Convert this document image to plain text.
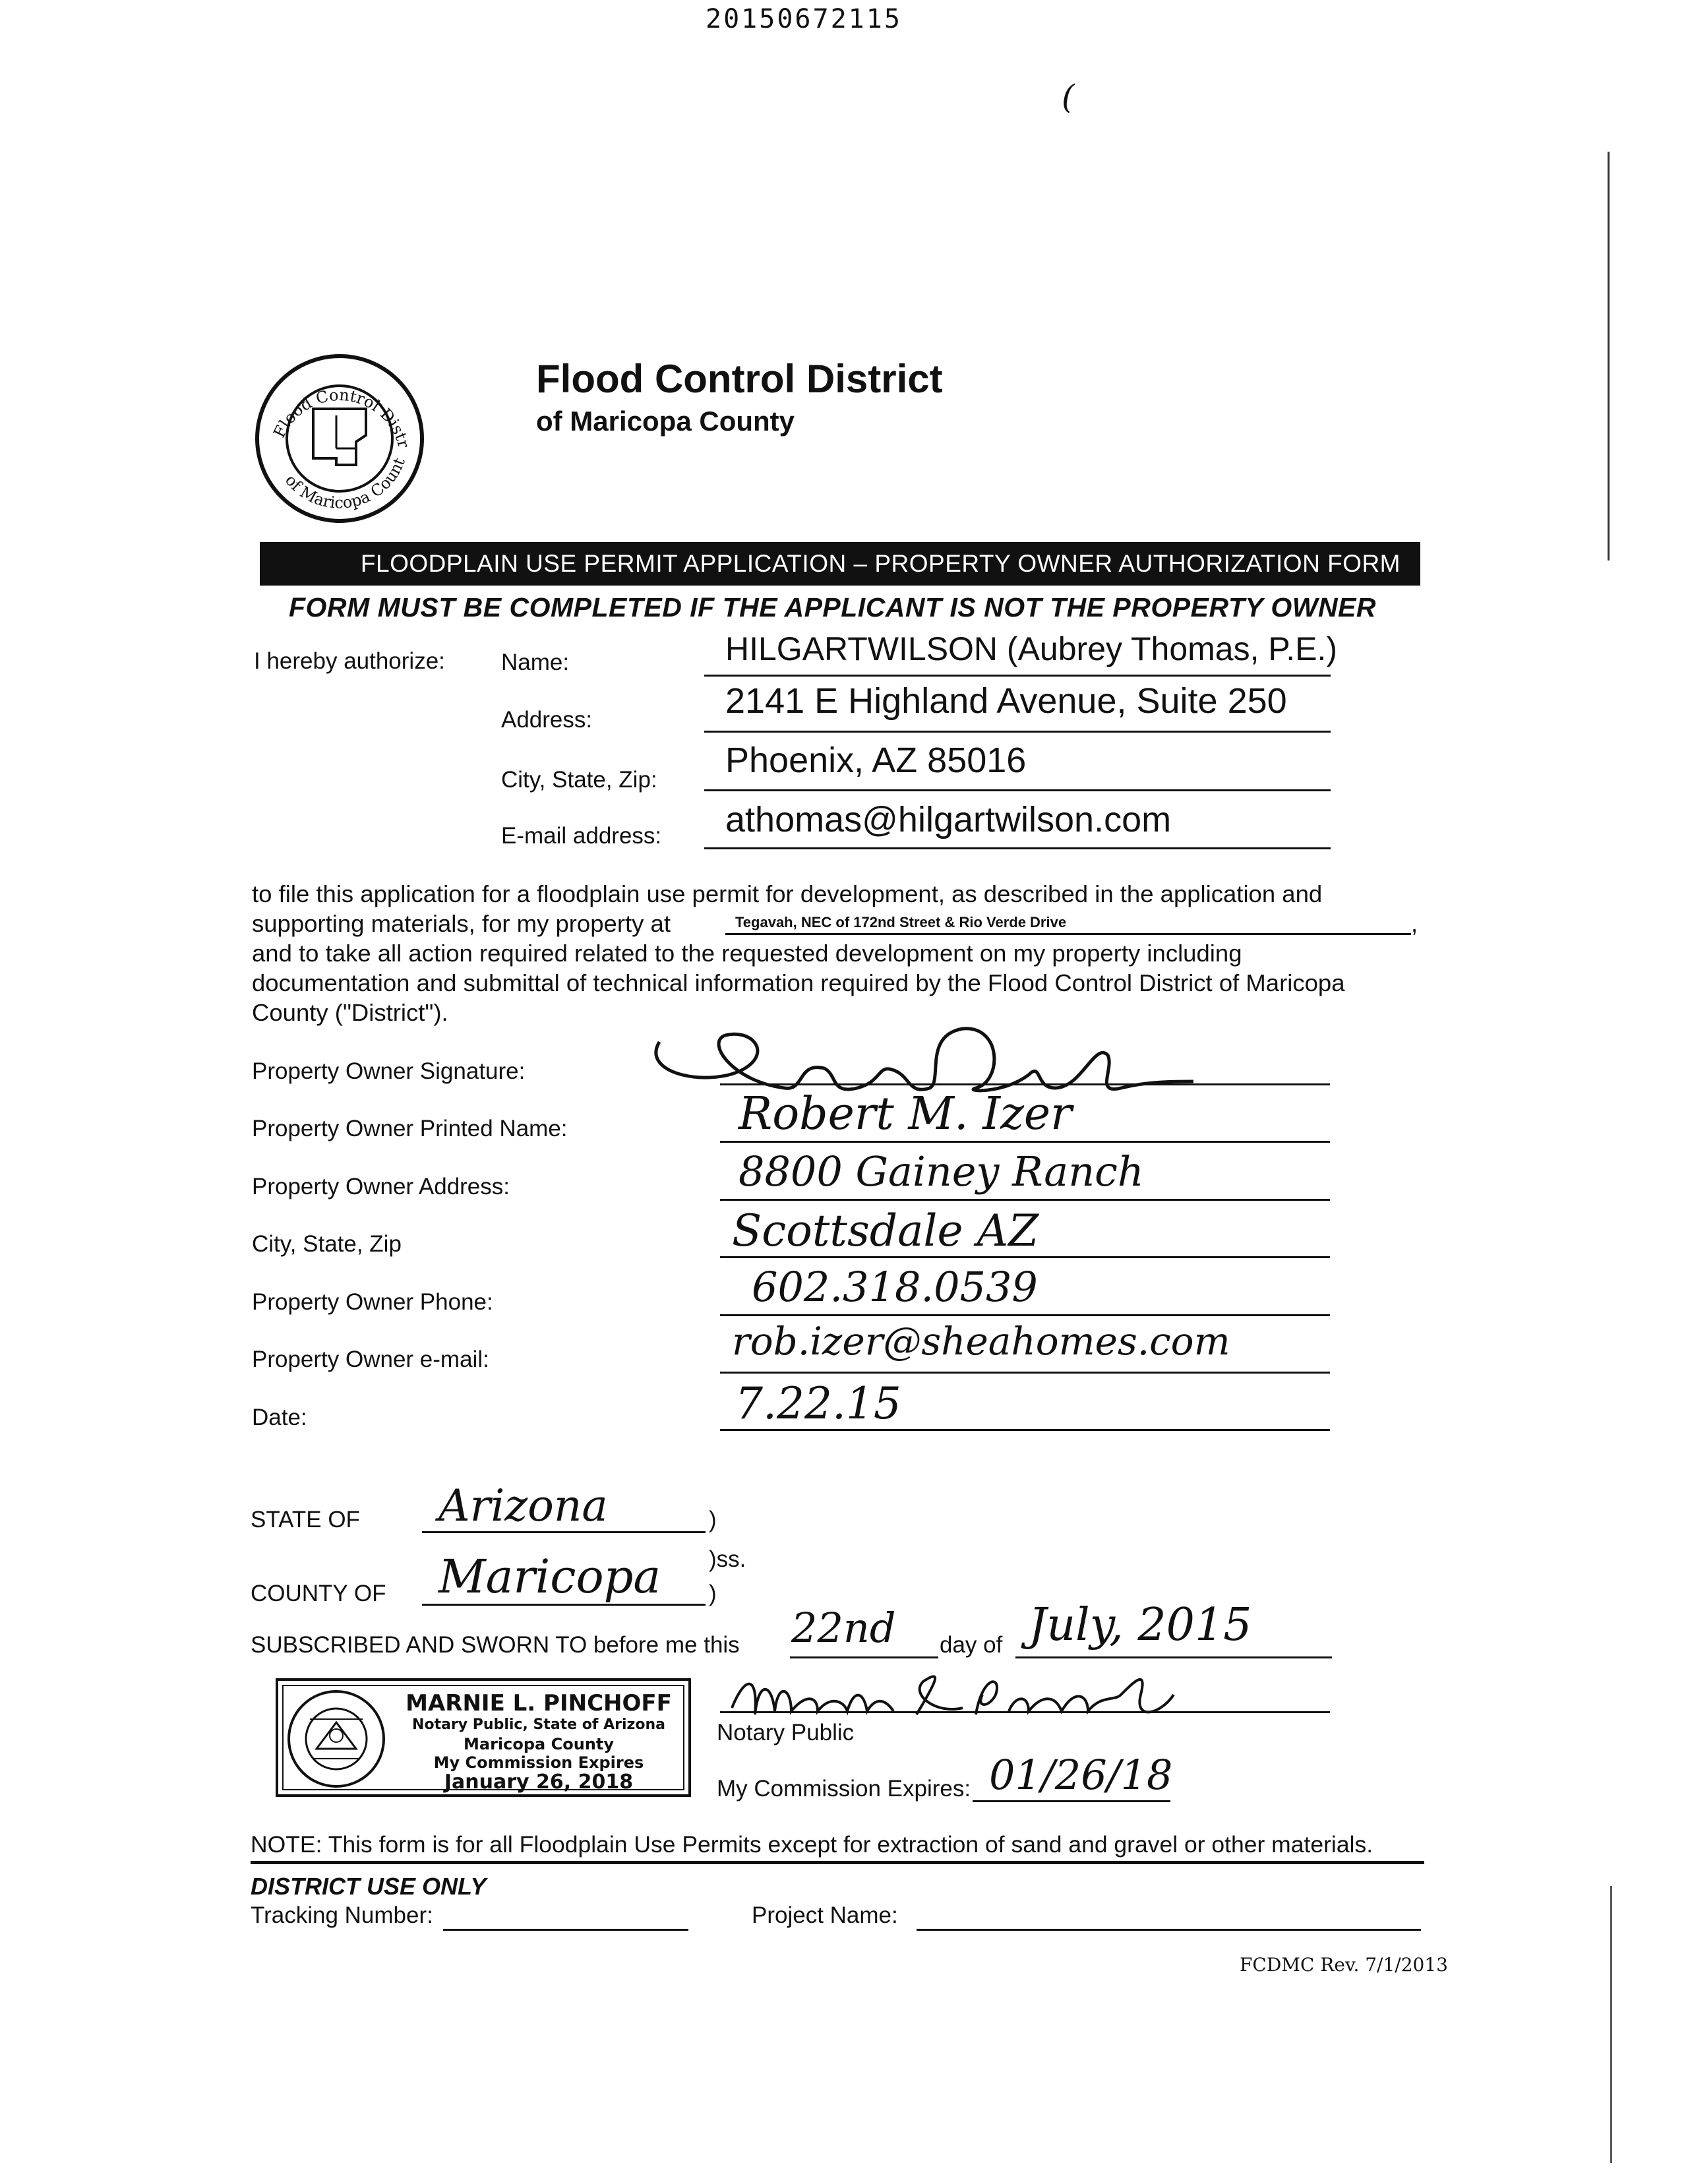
20150672115
(
Flood Control Distr
of Maricopa Count
Flood Control District
of Maricopa County
FLOODPLAIN USE PERMIT APPLICATION – PROPERTY OWNER AUTHORIZATION FORM
FORM MUST BE COMPLETED IF THE APPLICANT IS NOT THE PROPERTY OWNER
I hereby authorize: Name:	HILGARTWILSON (Aubrey Thomas, P.E.)
Address:	2141 E Highland Avenue, Suite 250
City, State, Zip: Phoenix, AZ 85016
E-mail address: athomas@hilgartwilson.com
to file this application for a floodplain use permit for development, as described in the application and
supporting materials, for my property at	Tegavah, NEC of 172nd Street & Rio Verde Drive	,
and to take all action required related to the requested development on my property including
documentation and submittal of technical information required by the Flood Control District of Maricopa
County ("District").
Property Owner Signature:
Property Owner Printed Name:	Robert M. Izer
Property Owner Address:	8800 Gainey Ranch
City, State, Zip	Scottsdale AZ
Property Owner Phone:	602.318.0539
Property Owner e-mail:	rob.izer@sheahomes.com
Date:	7.22.15
STATE OF Arizona	)
)ss.
COUNTY OF Maricopa )
SUBSCRIBED AND SWORN TO before me this 22nd day of July, 2015
MARNIE L. PINCHOFF
Notary Public, State of Arizona
Maricopa County
My Commission Expires
January 26, 2018
Notary Public
My Commission Expires: 01/26/18
NOTE: This form is for all Floodplain Use Permits except for extraction of sand and gravel or other materials.
DISTRICT USE ONLY
Tracking Number:	Project Name:
FCDMC Rev. 7/1/2013
